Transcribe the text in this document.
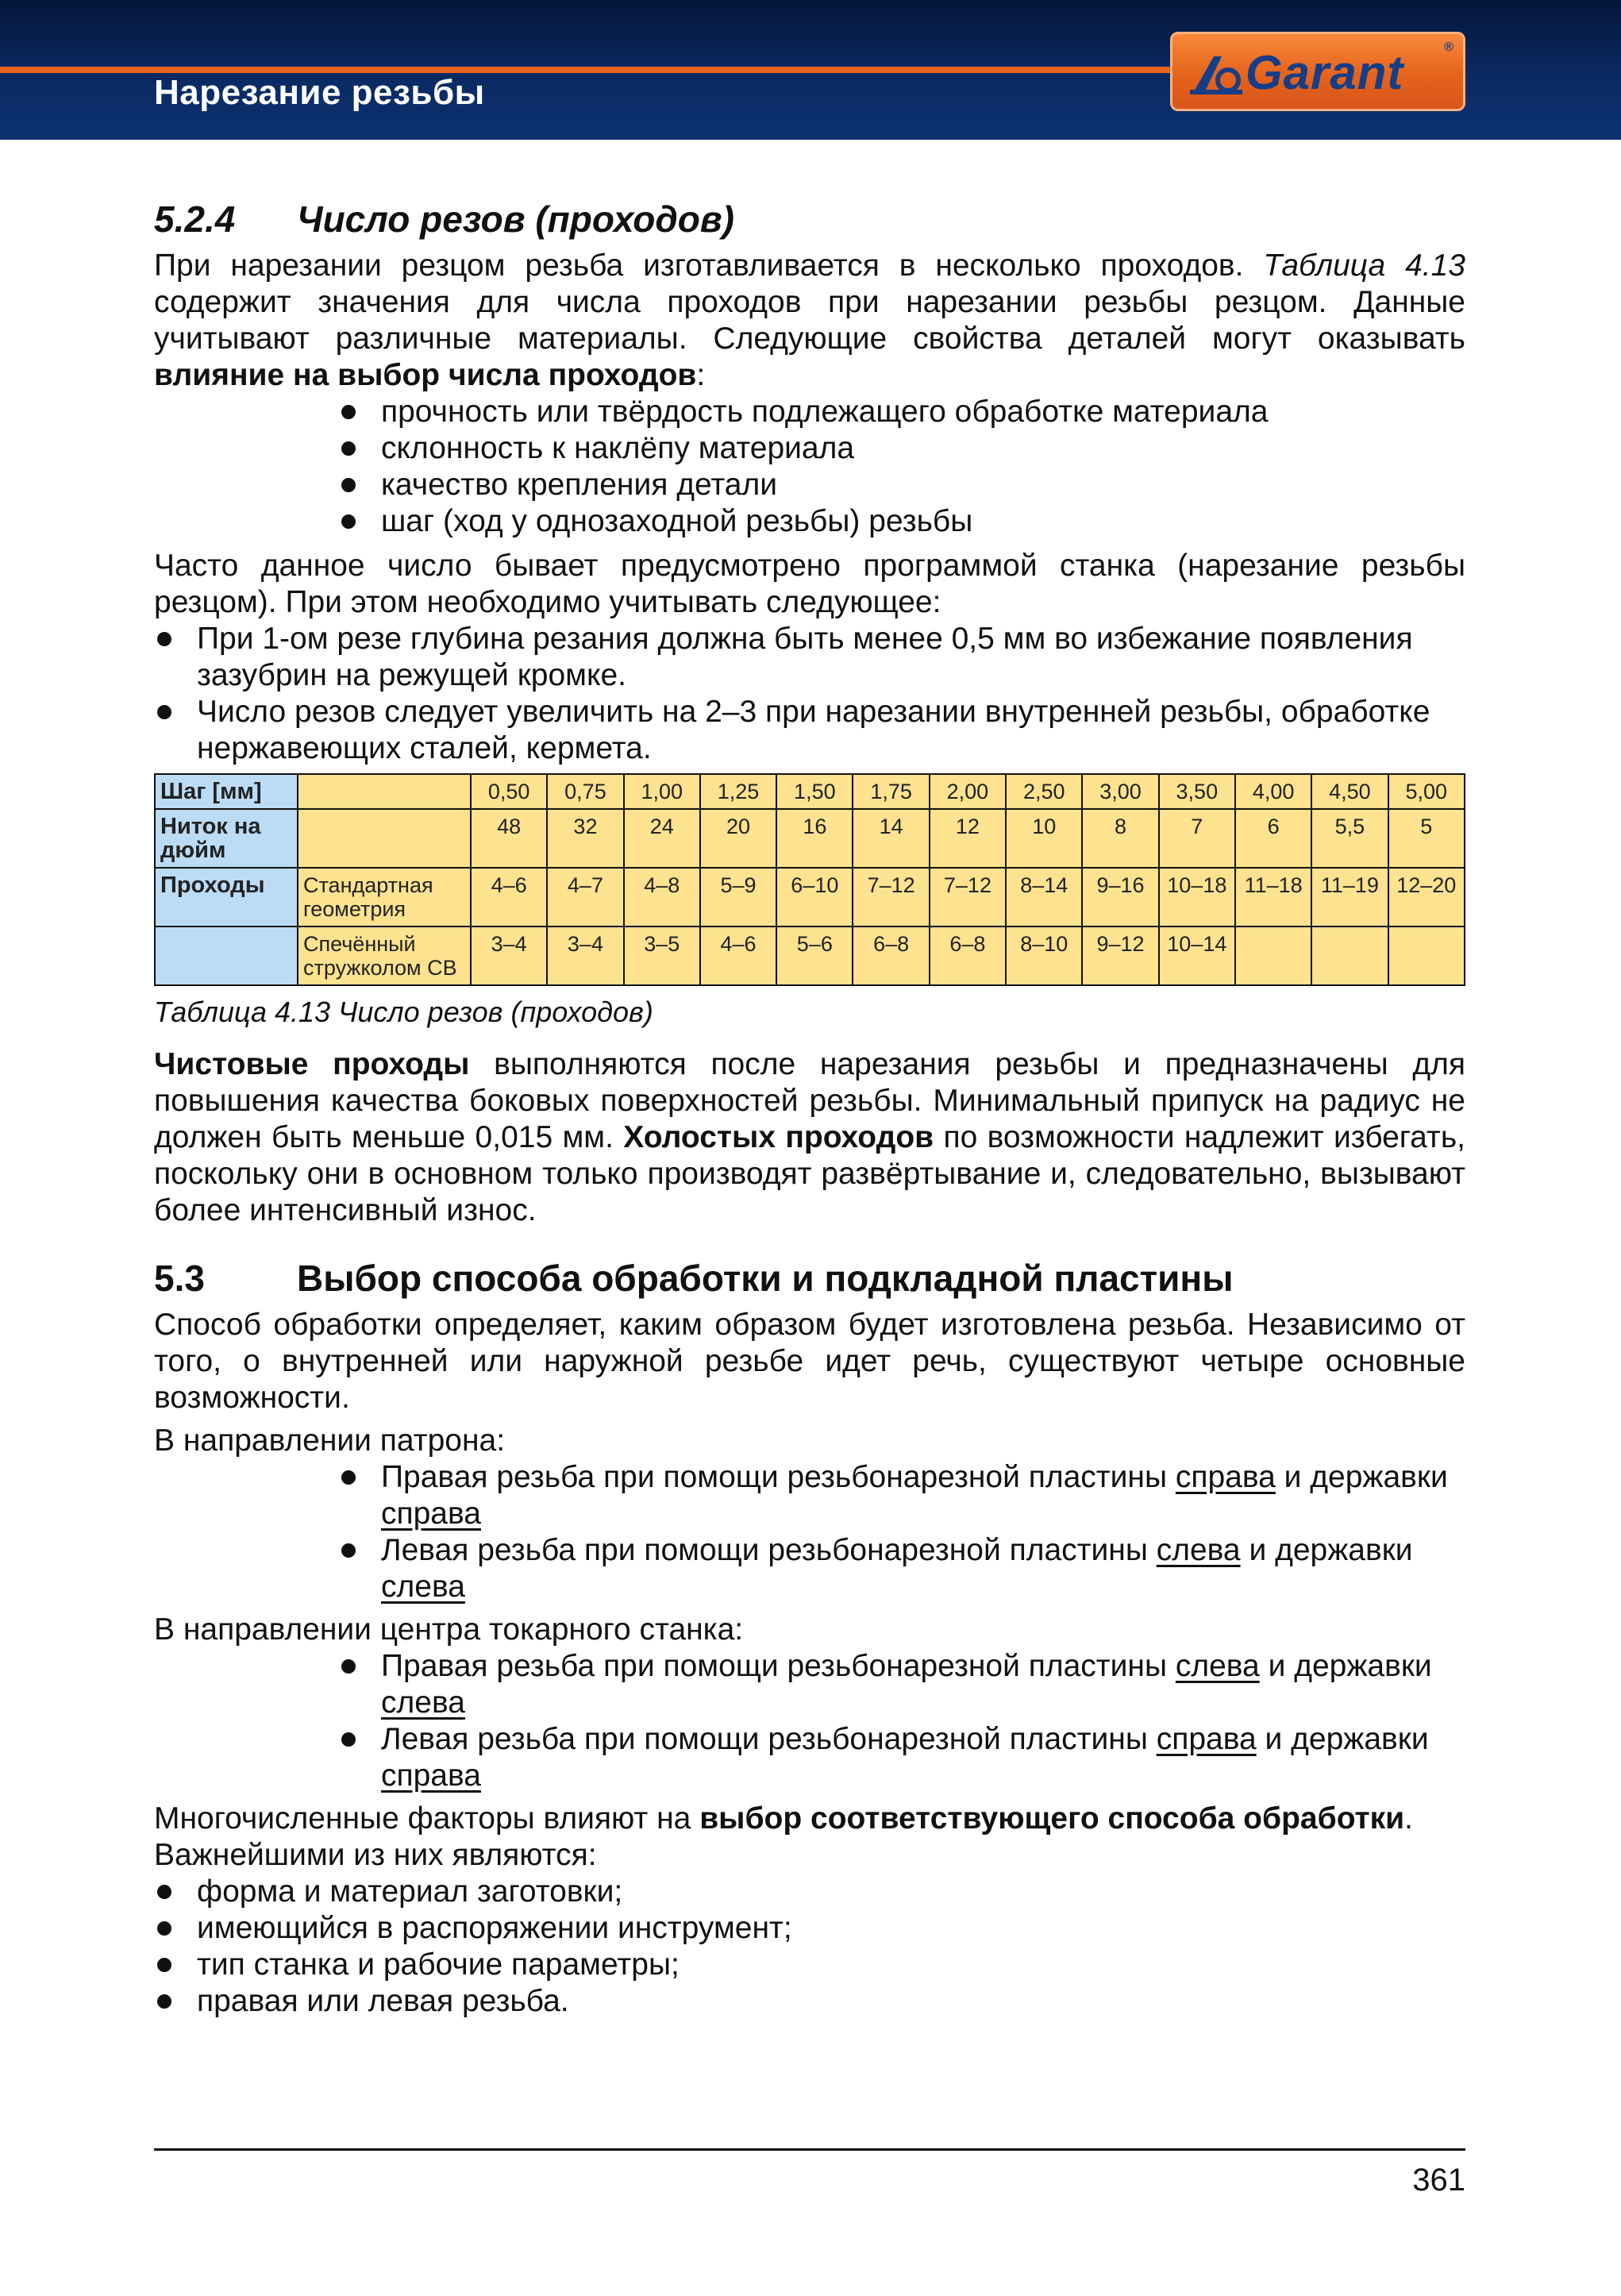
Нарезание резьбы	Garant	®
5.2.4 Число резов (проходов)

При нарезании резцом резьба изготавливается в несколько проходов. Таблица 4.13 содержит значения для числа проходов при нарезании резьбы резцом. Данные учитывают различные материалы. Следующие свойства деталей могут оказывать влияние на выбор числа проходов:

прочность или твёрдость подлежащего обработке материала
склонность к наклёпу материала
качество крепления детали
шаг (ход у однозаходной резьбы) резьбы

Часто данное число бывает предусмотрено программой станка (нарезание резьбы резцом). При этом необходимо учитывать следующее:

При 1-ом резе глубина резания должна быть менее 0,5 мм во избежание появления зазубрин на режущей кромке.
Число резов следует увеличить на 2–3 при нарезании внутренней резьбы, обработке нержавеющих сталей, кермета.
Шаг [мм]		0,50	0,75	1,00	1,25	1,50	1,75	2,00	2,50	3,00	3,50	4,00	4,50	5,00
Ниток на дюйм		48	32	24	20	16	14	12	10	8	7	6	5,5	5
Проходы	Стандартная геометрия	4–6	4–7	4–8	5–9	6–10	7–12	7–12	8–14	9–16	10–18	11–18	11–19	12–20
	Спечённый стружколом CB	3–4	3–4	3–5	4–6	5–6	6–8	6–8	8–10	9–12	10–14			

Таблица 4.13 Число резов (проходов)

Чистовые проходы выполняются после нарезания резьбы и предназначены для повышения качества боковых поверхностей резьбы. Минимальный припуск на радиус не должен быть меньше 0,015 мм. Холостых проходов по возможности надлежит избегать, поскольку они в основном только производят развёртывание и, следовательно, вызывают более интенсивный износ.

5.3	Выбор способа обработки и подкладной пластины

Способ обработки определяет, каким образом будет изготовлена резьба. Независимо от того, о внутренней или наружной резьбе идет речь, существуют четыре основные возможности.

В направлении патрона:

Правая резьба при помощи резьбонарезной пластины справа и державки справа
Левая резьба при помощи резьбонарезной пластины слева и державки слева

В направлении центра токарного станка:

Правая резьба при помощи резьбонарезной пластины слева и державки слева
Левая резьба при помощи резьбонарезной пластины справа и державки справа

Многочисленные факторы влияют на выбор соответствующего способа обработки.

Важнейшими из них являются:

форма и материал заготовки;
имеющийся в распоряжении инструмент;
тип станка и рабочие параметры;
правая или левая резьба.
361
